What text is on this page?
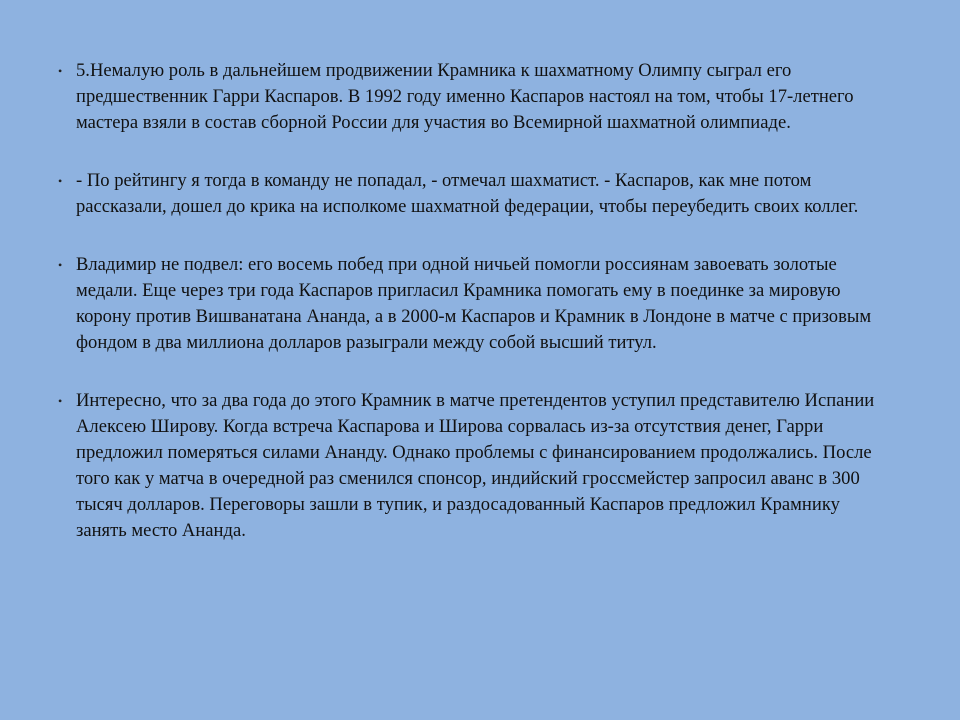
• 5.Немалую роль в дальнейшем продвижении Крамника к шахматному Олимпу сыграл его предшественник Гарри Каспаров. В 1992 году именно Каспаров настоял на том, чтобы 17-летнего мастера взяли в состав сборной России для участия во Всемирной шахматной олимпиаде.
• - По рейтингу я тогда в команду не попадал, - отмечал шахматист. - Каспаров, как мне потом рассказали, дошел до крика на исполкоме шахматной федерации, чтобы переубедить своих коллег.
• Владимир не подвел: его восемь побед при одной ничьей помогли россиянам завоевать золотые медали. Еще через три года Каспаров пригласил Крамника помогать ему в поединке за мировую корону против Вишванатана Ананда, а в 2000-м Каспаров и Крамник в Лондоне в матче с призовым фондом в два миллиона долларов разыграли между собой высший титул.
• Интересно, что за два года до этого Крамник в матче претендентов уступил представителю Испании Алексею Широву. Когда встреча Каспарова и Широва сорвалась из-за отсутствия денег, Гарри предложил померяться силами Ананду. Однако проблемы с финансированием продолжались. После того как у матча в очередной раз сменился спонсор, индийский гроссмейстер запросил аванс в 300 тысяч долларов. Переговоры зашли в тупик, и раздосадованный Каспаров предложил Крамнику занять место Ананда.
